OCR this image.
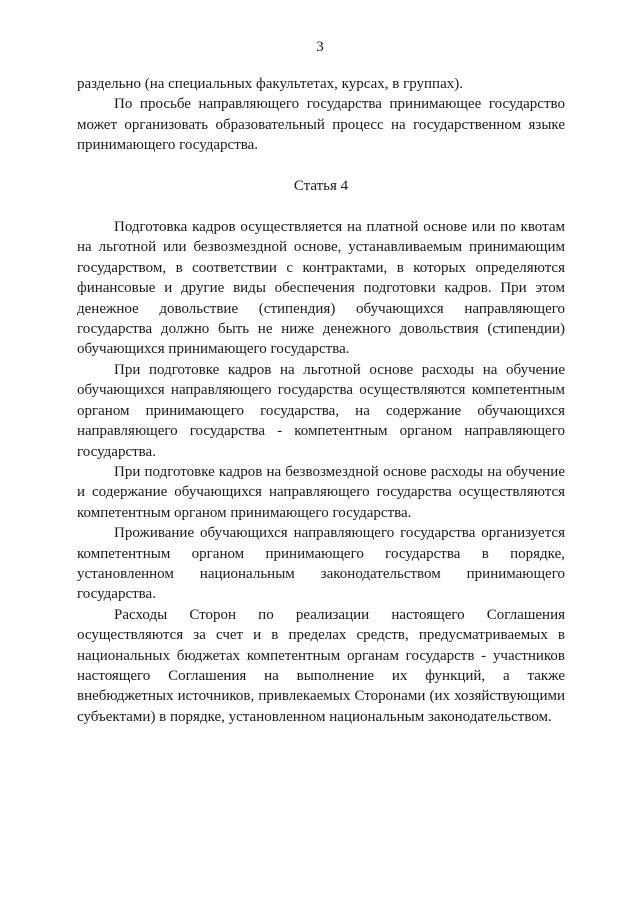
3

раздельно (на специальных факультетах, курсах, в группах).

По просьбе направляющего государства принимающее государство может организовать образовательный процесс на государственном языке принимающего государства.

Статья 4

Подготовка кадров осуществляется на платной основе или по квотам на льготной или безвозмездной основе, устанавливаемым принимающим государством, в соответствии с контрактами, в которых определяются финансовые и другие виды обеспечения подготовки кадров. При этом денежное довольствие (стипендия) обучающихся направляющего государства должно быть не ниже денежного довольствия (стипендии) обучающихся принимающего государства.

При подготовке кадров на льготной основе расходы на обучение обучающихся направляющего государства осуществляются компетентным органом принимающего государства, на содержание обучающихся направляющего государства - компетентным органом направляющего государства.

При подготовке кадров на безвозмездной основе расходы на обучение и содержание обучающихся направляющего государства осуществляются компетентным органом принимающего государства.

Проживание обучающихся направляющего государства организуется компетентным органом принимающего государства в порядке, установленном национальным законодательством принимающего государства.

Расходы Сторон по реализации настоящего Соглашения осуществляются за счет и в пределах средств, предусматриваемых в национальных бюджетах компетентным органам государств - участников настоящего Соглашения на выполнение их функций, а также внебюджетных источников, привлекаемых Сторонами (их хозяйствующими субъектами) в порядке, установленном национальным законодательством.
